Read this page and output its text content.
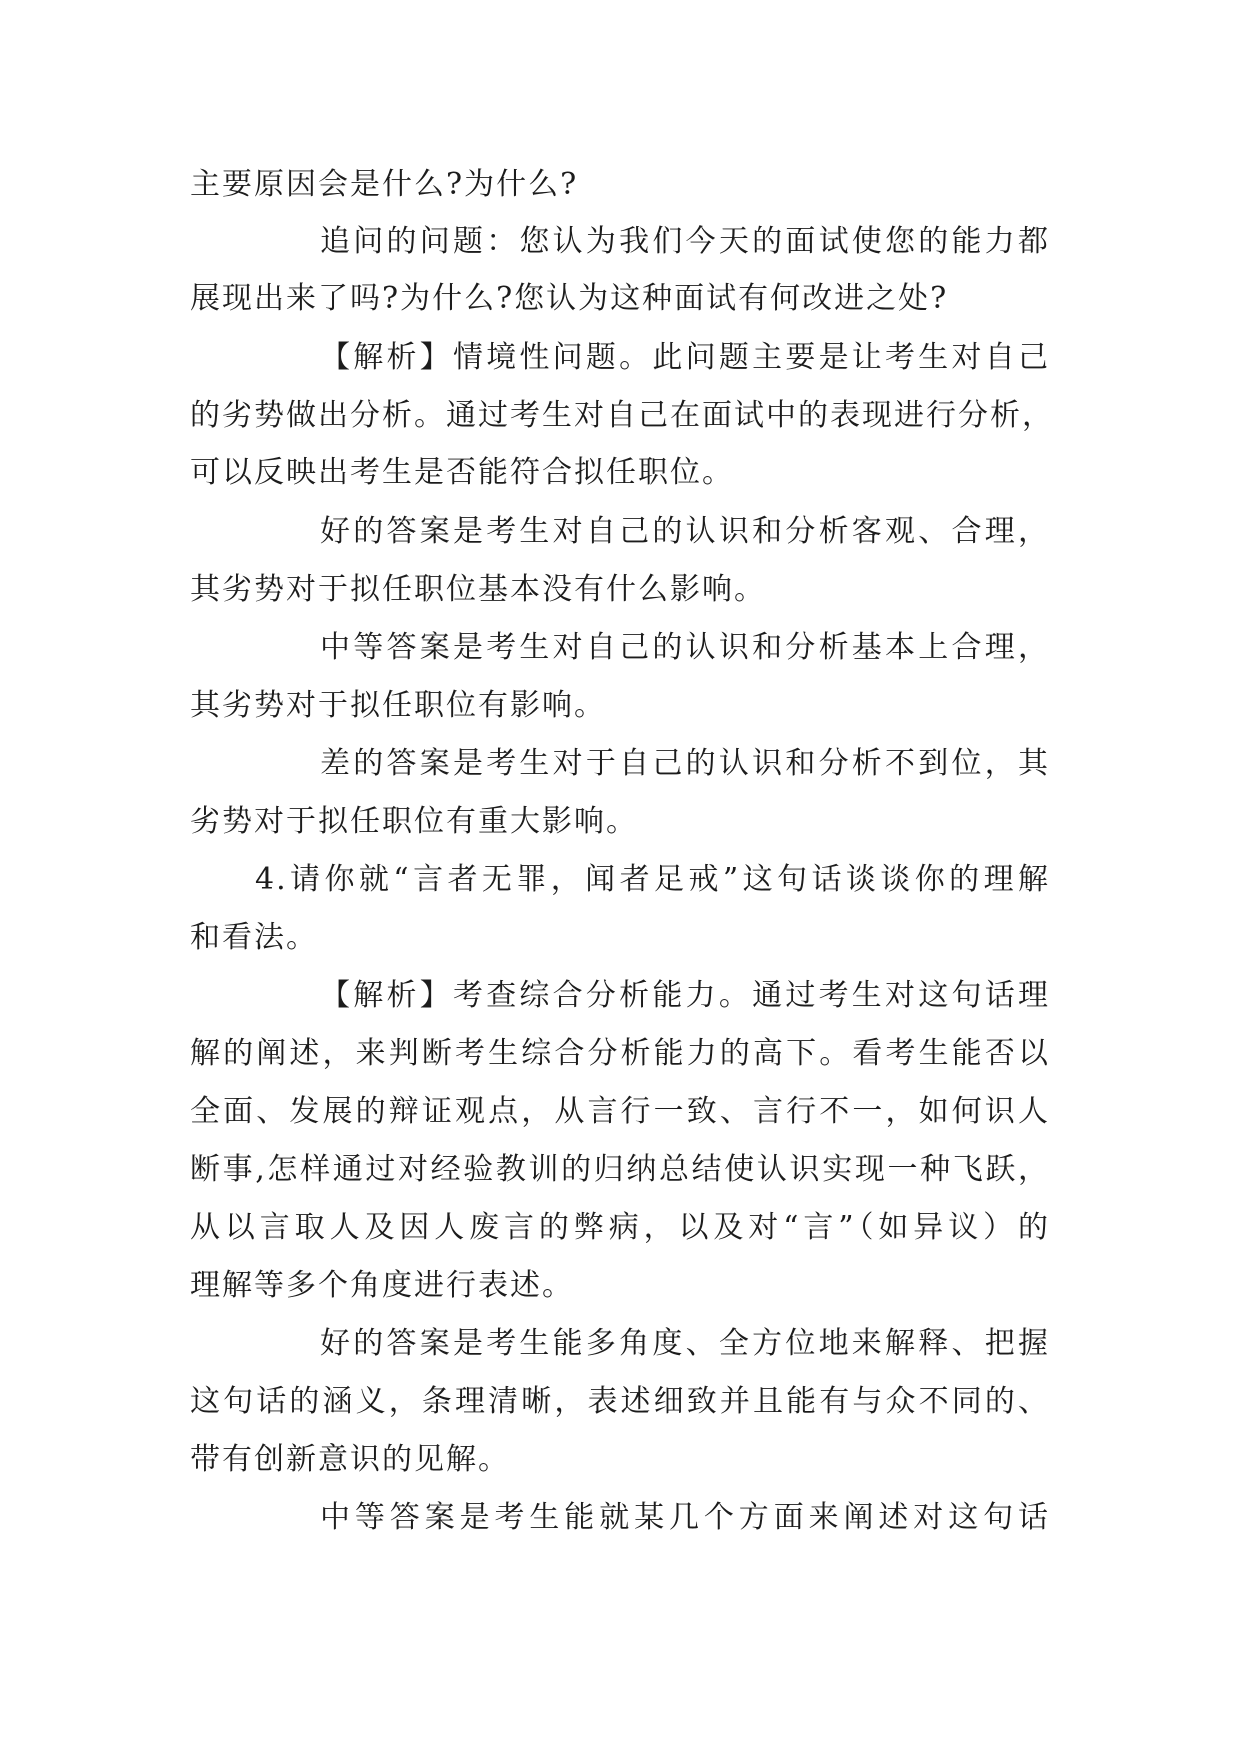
主要原因会是什么?为什么?
追问的问题：您认为我们今天的面试使您的能力都
展现出来了吗?为什么?您认为这种面试有何改进之处?
【解析】情境性问题。此问题主要是让考生对自己
的劣势做出分析。通过考生对自己在面试中的表现进行分析，
可以反映出考生是否能符合拟任职位。
好的答案是考生对自己的认识和分析客观、合理，
其劣势对于拟任职位基本没有什么影响。
中等答案是考生对自己的认识和分析基本上合理，
其劣势对于拟任职位有影响。
差的答案是考生对于自己的认识和分析不到位，其
劣势对于拟任职位有重大影响。
4.请你就“言者无罪，闻者足戒”这句话谈谈你的理解
和看法。
【解析】考查综合分析能力。通过考生对这句话理
解的阐述，来判断考生综合分析能力的高下。看考生能否以
全面、发展的辩证观点，从言行一致、言行不一，如何识人
断事,怎样通过对经验教训的归纳总结使认识实现一种飞跃，
从以言取人及因人废言的弊病，以及对“言”（如异议）的
理解等多个角度进行表述。
好的答案是考生能多角度、全方位地来解释、把握
这句话的涵义，条理清晰，表述细致并且能有与众不同的、
带有创新意识的见解。
中等答案是考生能就某几个方面来阐述对这句话
